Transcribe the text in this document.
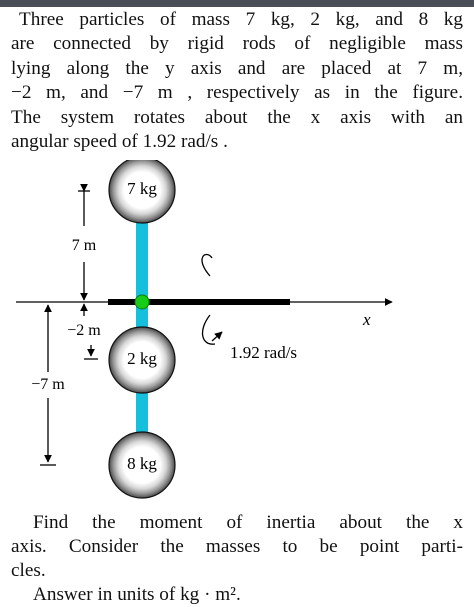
Three particles of mass 7 kg, 2 kg, and 8 kg
are connected by rigid rods of negligible mass
lying along the y axis and are placed at 7 m,
−2 m, and −7 m , respectively as in the figure.
The system rotates about the x axis with an
angular speed of 1.92 rad/s .
x
7 kg
2 kg
8 kg
7 m
−2 m
−7 m
1.92 rad/s
Find the moment of inertia about the x
axis. Consider the masses to be point parti-
cles.
Answer in units of kg · m².
